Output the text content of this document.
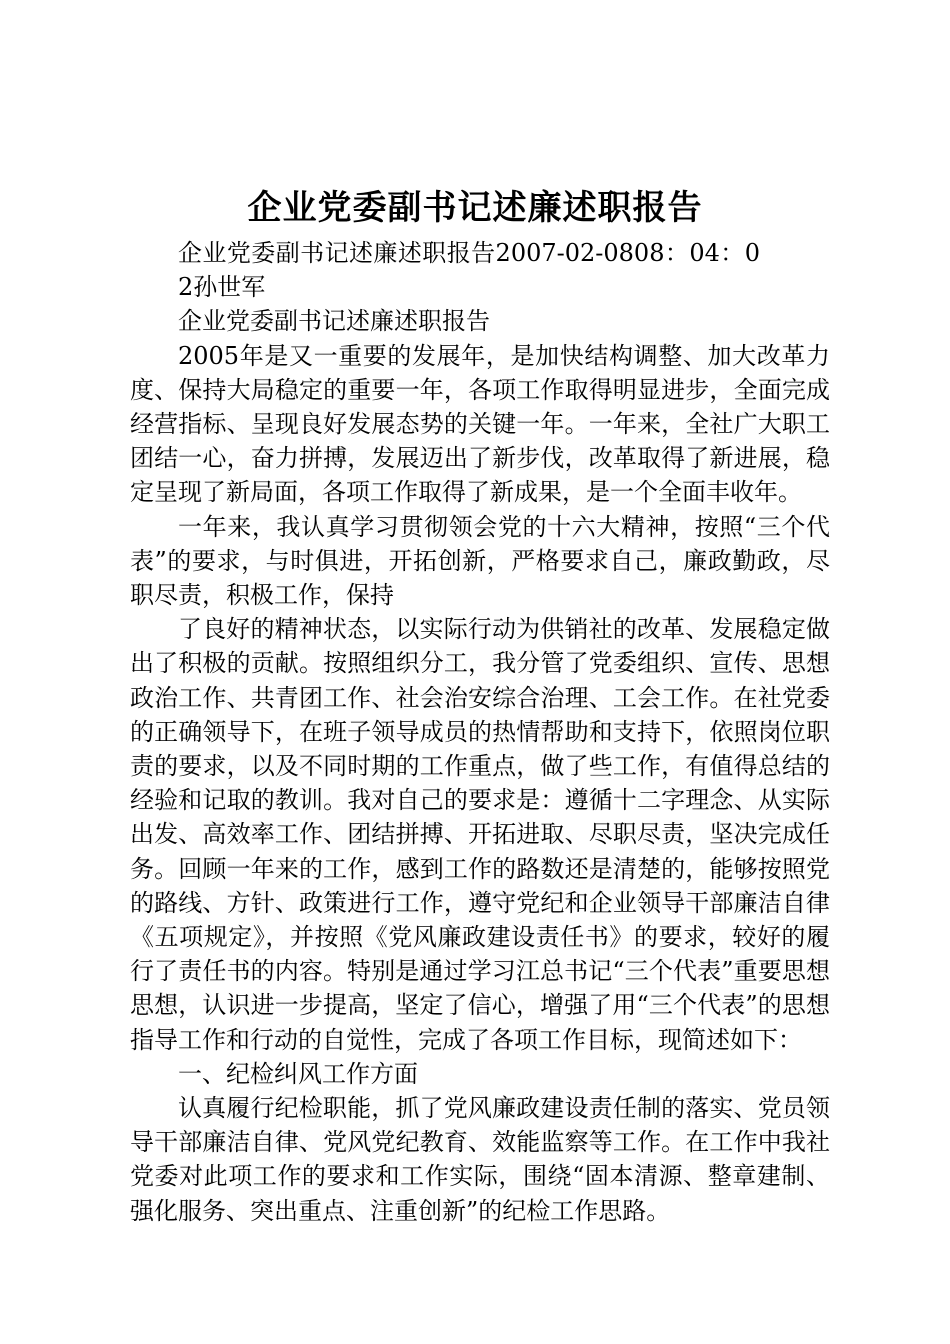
企业党委副书记述廉述职报告

企业党委副书记述廉述职报告2007-02-0808：04：02孙世军

企业党委副书记述廉述职报告

2005年是又一重要的发展年，是加快结构调整、加大改革力度、保持大局稳定的重要一年，各项工作取得明显进步，全面完成经营指标、呈现良好发展态势的关键一年。一年来，全社广大职工团结一心，奋力拼搏，发展迈出了新步伐，改革取得了新进展，稳定呈现了新局面，各项工作取得了新成果，是一个全面丰收年。

一年来，我认真学习贯彻领会党的十六大精神，按照“三个代表”的要求，与时俱进，开拓创新，严格要求自己，廉政勤政，尽职尽责，积极工作，保持

了良好的精神状态，以实际行动为供销社的改革、发展稳定做出了积极的贡献。按照组织分工，我分管了党委组织、宣传、思想政治工作、共青团工作、社会治安综合治理、工会工作。在社党委的正确领导下，在班子领导成员的热情帮助和支持下，依照岗位职责的要求，以及不同时期的工作重点，做了些工作，有值得总结的经验和记取的教训。我对自己的要求是：遵循十二字理念、从实际出发、高效率工作、团结拼搏、开拓进取、尽职尽责，坚决完成任务。回顾一年来的工作，感到工作的路数还是清楚的，能够按照党的路线、方针、政策进行工作，遵守党纪和企业领导干部廉洁自律《五项规定》，并按照《党风廉政建设责任书》的要求，较好的履行了责任书的内容。特别是通过学习江总书记“三个代表”重要思想思想，认识进一步提高，坚定了信心，增强了用“三个代表”的思想指导工作和行动的自觉性，完成了各项工作目标，现简述如下：

一、纪检纠风工作方面

认真履行纪检职能，抓了党风廉政建设责任制的落实、党员领导干部廉洁自律、党风党纪教育、效能监察等工作。在工作中我社党委对此项工作的要求和工作实际，围绕“固本清源、整章建制、强化服务、突出重点、注重创新”的纪检工作思路。
